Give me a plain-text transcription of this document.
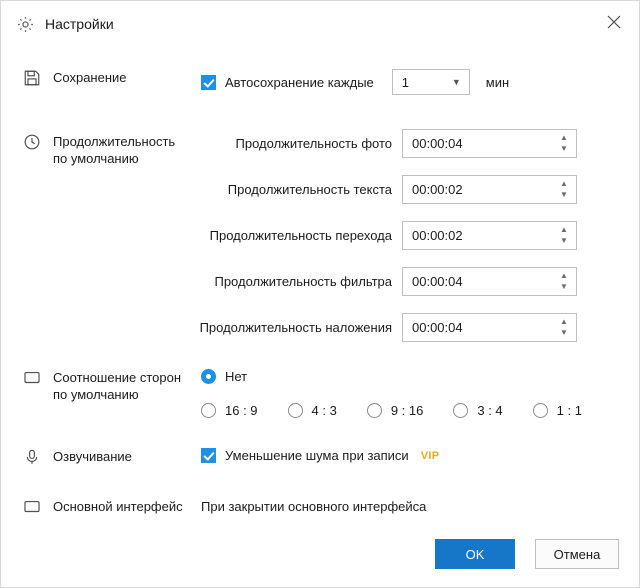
Настройки
Сохранение	Автосохранение каждые 1	▼ мин
Продолжительность
по умолчанию
Продолжительность фото	00:00:04	▲
▼
Продолжительность текста	00:00:02	▲
▼
Продолжительность перехода	00:00:02	▲
▼
Продолжительность фильтра	00:00:04	▲
▼
Продолжительность наложения	00:00:04	▲
▼
Соотношение сторон
по умолчанию
Нет
16 : 9	4 : 3	9 : 16	3 : 4	1 : 1
Озвучивание	Уменьшение шума при записи VIP
Основной интерфейс При закрытии основного интерфейса
OK	Отмена
